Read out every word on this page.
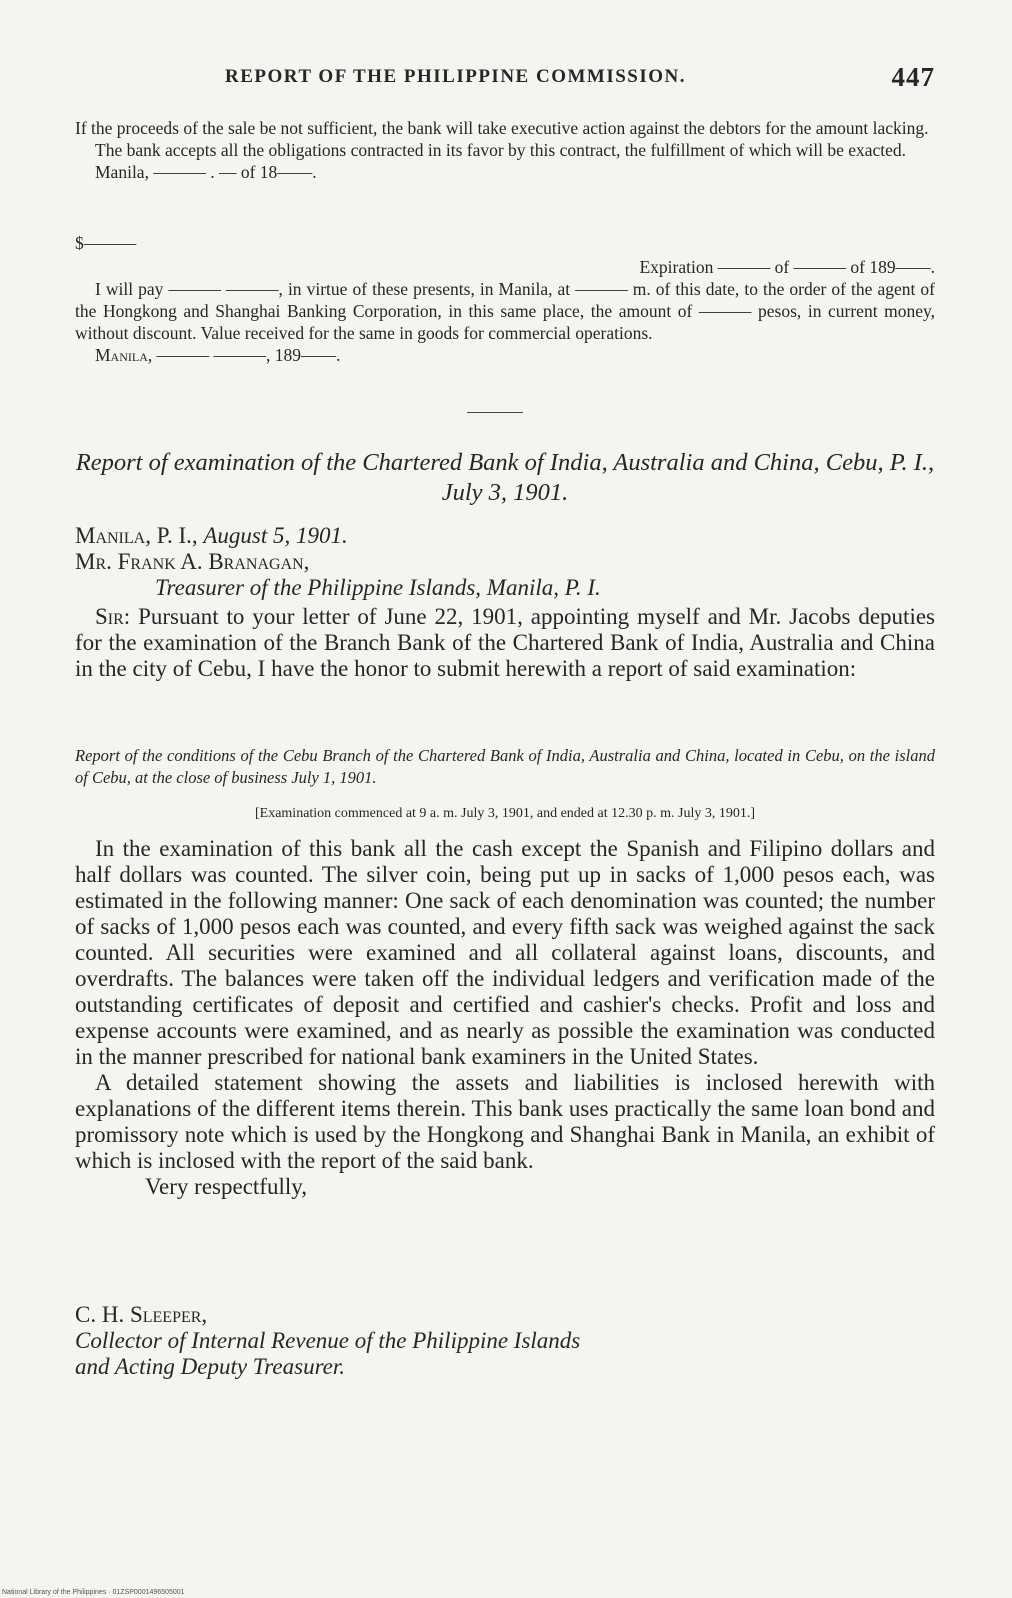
REPORT OF THE PHILIPPINE COMMISSION.	447

If the proceeds of the sale be not sufficient, the bank will take executive action against the debtors for the amount lacking.

The bank accepts all the obligations contracted in its favor by this contract, the fulfillment of which will be exacted.

Manila, ——— . — of 18——.

$———

Expiration ——— of ——— of 189——.

I will pay ——— ———, in virtue of these presents, in Manila, at ——— m. of this date, to the order of the agent of the Hongkong and Shanghai Banking Corporation, in this same place, the amount of ——— pesos, in current money, without discount. Value received for the same in goods for commercial operations.

Manila, ——— ———, 189——.

Report of examination of the Chartered Bank of India, Australia and China, Cebu, P. I., July 3, 1901.

Manila, P. I., August 5, 1901.

Mr. Frank A. Branagan,

Treasurer of the Philippine Islands, Manila, P. I.

Sir: Pursuant to your letter of June 22, 1901, appointing myself and Mr. Jacobs deputies for the examination of the Branch Bank of the Chartered Bank of India, Australia and China in the city of Cebu, I have the honor to submit herewith a report of said examination:

Report of the conditions of the Cebu Branch of the Chartered Bank of India, Australia and China, located in Cebu, on the island of Cebu, at the close of business July 1, 1901.
[Examination commenced at 9 a. m. July 3, 1901, and ended at 12.30 p. m. July 3, 1901.]

In the examination of this bank all the cash except the Spanish and Filipino dollars and half dollars was counted. The silver coin, being put up in sacks of 1,000 pesos each, was estimated in the following manner: One sack of each denomination was counted; the number of sacks of 1,000 pesos each was counted, and every fifth sack was weighed against the sack counted. All securities were examined and all collateral against loans, discounts, and overdrafts. The balances were taken off the individual ledgers and verification made of the outstanding certificates of deposit and certified and cashier's checks. Profit and loss and expense accounts were examined, and as nearly as possible the examination was conducted in the manner prescribed for national bank examiners in the United States.

A detailed statement showing the assets and liabilities is inclosed herewith with explanations of the different items therein. This bank uses practically the same loan bond and promissory note which is used by the Hongkong and Shanghai Bank in Manila, an exhibit of which is inclosed with the report of the said bank.

Very respectfully,

C. H. Sleeper,

Collector of Internal Revenue of the Philippine Islands

and Acting Deputy Treasurer.

National Library of the Philippines · 01ZSP0001496505001
